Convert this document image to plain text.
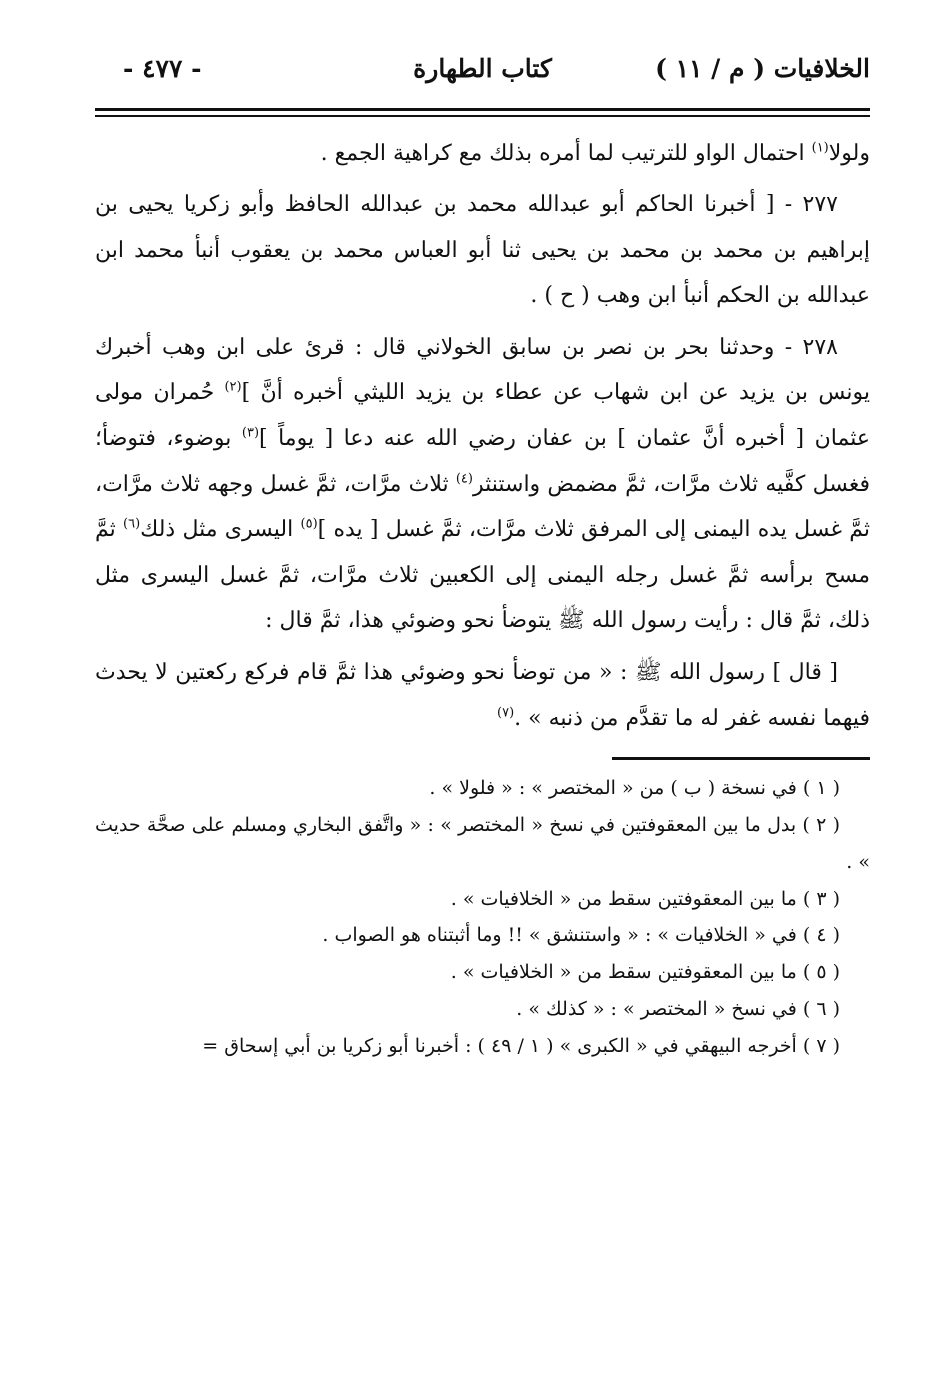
الخلافيات ( م / ١١ )
كتاب الطهارة
- ٤٧٧ -

ولولا$^{(١)}$ احتمال الواو للترتيب لما أمره بذلك مع كراهية الجمع .

٢٧٧ - [ أخبرنا الحاكم أبو عبدالله محمد بن عبدالله الحافظ وأبو زكريا يحيى بن إبراهيم بن محمد بن محمد بن يحيى ثنا أبو العباس محمد بن يعقوب أنبأ محمد ابن عبدالله بن الحكم أنبأ ابن وهب ( ح ) .

٢٧٨ - وحدثنا بحر بن نصر بن سابق الخولاني قال : قرئ على ابن وهب أخبرك يونس بن يزيد عن ابن شهاب عن عطاء بن يزيد الليثي أخبره أنَّ ]$^{(٢)}$ حُمران مولى عثمان [ أخبره أنَّ عثمان ] بن عفان رضي الله عنه دعا [ يوماً ]$^{(٣)}$ بوضوء، فتوضأ؛ فغسل كفَّيه ثلاث مرَّات، ثمَّ مضمض واستنثر$^{(٤)}$ ثلاث مرَّات، ثمَّ غسل وجهه ثلاث مرَّات، ثمَّ غسل يده اليمنى إلى المرفق ثلاث مرَّات، ثمَّ غسل [ يده ]$^{(٥)}$ اليسرى مثل ذلك$^{(٦)}$ ثمَّ مسح برأسه ثمَّ غسل رجله اليمنى إلى الكعبين ثلاث مرَّات، ثمَّ غسل اليسرى مثل ذلك، ثمَّ قال : رأيت رسول الله ﷺ يتوضأ نحو وضوئي هذا، ثمَّ قال :

[ قال ] رسول الله ﷺ : « من توضأ نحو وضوئي هذا ثمَّ قام فركع ركعتين لا يحدث فيهما نفسه غفر له ما تقدَّم من ذنبه » .$^{(٧)}$

( ١ ) في نسخة ( ب ) من « المختصر » : « فلولا » .

( ٢ ) بدل ما بين المعقوفتين في نسخ « المختصر » : « واتَّفق البخاري ومسلم على صحَّة حديث » .

( ٣ ) ما بين المعقوفتين سقط من « الخلافيات » .

( ٤ ) في « الخلافيات » : « واستنشق » !! وما أثبتناه هو الصواب .

( ٥ ) ما بين المعقوفتين سقط من « الخلافيات » .

( ٦ ) في نسخ « المختصر » : « كذلك » .

( ٧ ) أخرجه البيهقي في « الكبرى » ( ١ / ٤٩ ) : أخبرنا أبو زكريا بن أبي إسحاق =
